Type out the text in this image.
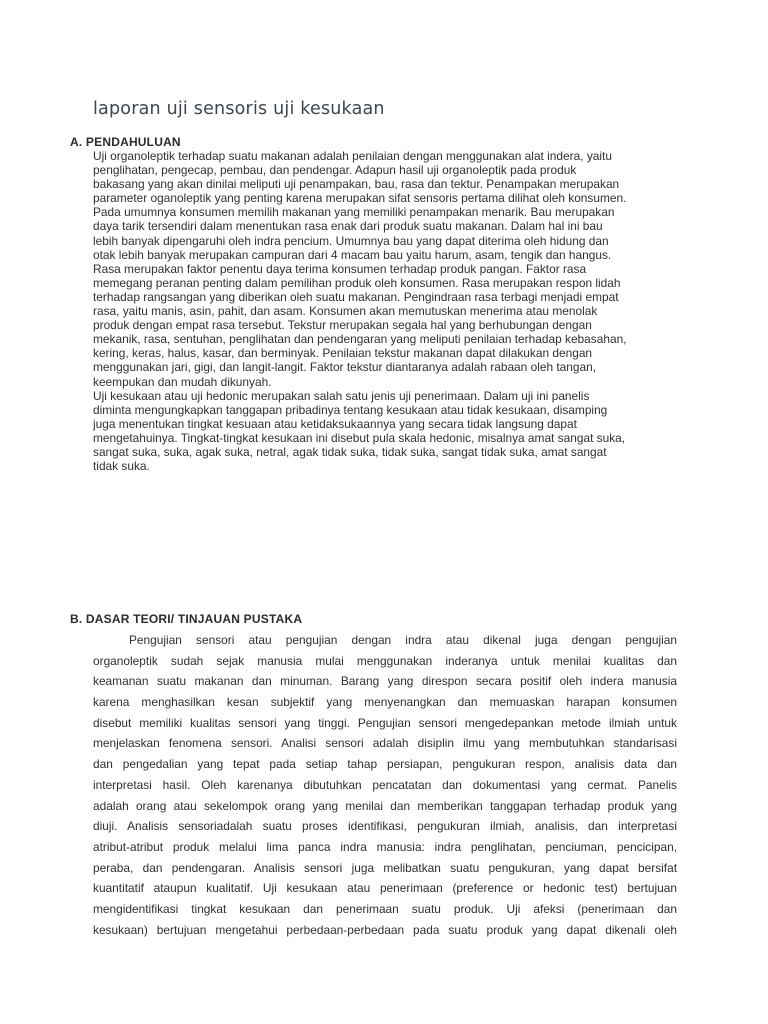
laporan uji sensoris uji kesukaan
A. PENDAHULUAN
Uji organoleptik terhadap suatu makanan adalah penilaian dengan menggunakan alat indera, yaitu
penglihatan, pengecap, pembau, dan pendengar. Adapun hasil uji organoleptik pada produk
bakasang yang akan dinilai meliputi uji penampakan, bau, rasa dan tektur. Penampakan merupakan
parameter oganoleptik yang penting karena merupakan sifat sensoris pertama dilihat oleh konsumen.
Pada umumnya konsumen memilih makanan yang memiliki penampakan menarik. Bau merupakan
daya tarik tersendiri dalam menentukan rasa enak dari produk suatu makanan. Dalam hal ini bau
lebih banyak dipengaruhi oleh indra pencium. Umumnya bau yang dapat diterima oleh hidung dan
otak lebih banyak merupakan campuran dari 4 macam bau yaitu harum, asam, tengik dan hangus.
Rasa merupakan faktor penentu daya terima konsumen terhadap produk pangan. Faktor rasa
memegang peranan penting dalam pemilihan produk oleh konsumen. Rasa merupakan respon lidah
terhadap rangsangan yang diberikan oleh suatu makanan. Pengindraan rasa terbagi menjadi empat
rasa, yaitu manis, asin, pahit, dan asam. Konsumen akan memutuskan menerima atau menolak
produk dengan empat rasa tersebut. Tekstur merupakan segala hal yang berhubungan dengan
mekanik, rasa, sentuhan, penglihatan dan pendengaran yang meliputi penilaian terhadap kebasahan,
kering, keras, halus, kasar, dan berminyak. Penilaian tekstur makanan dapat dilakukan dengan
menggunakan jari, gigi, dan langit-langit. Faktor tekstur diantaranya adalah rabaan oleh tangan,
keempukan dan mudah dikunyah.
Uji kesukaan atau uji hedonic merupakan salah satu jenis uji penerimaan. Dalam uji ini panelis
diminta mengungkapkan tanggapan pribadinya tentang kesukaan atau tidak kesukaan, disamping
juga menentukan tingkat kesuaan atau ketidaksukaannya yang secara tidak langsung dapat
mengetahuinya. Tingkat-tingkat kesukaan ini disebut pula skala hedonic, misalnya amat sangat suka,
sangat suka, suka, agak suka, netral, agak tidak suka, tidak suka, sangat tidak suka, amat sangat
tidak suka.
B. DASAR TEORI/ TINJAUAN PUSTAKA
Pengujian sensori atau pengujian dengan indra atau dikenal juga dengan pengujian
organoleptik sudah sejak manusia mulai menggunakan inderanya untuk menilai kualitas dan
keamanan suatu makanan dan minuman. Barang yang direspon secara positif oleh indera manusia
karena menghasilkan kesan subjektif yang menyenangkan dan memuaskan harapan konsumen
disebut memiliki kualitas sensori yang tinggi. Pengujian sensori mengedepankan metode ilmiah untuk
menjelaskan fenomena sensori. Analisi sensori adalah disiplin ilmu yang membutuhkan standarisasi
dan pengedalian yang tepat pada setiap tahap persiapan, pengukuran respon, analisis data dan
interpretasi hasil. Oleh karenanya dibutuhkan pencatatan dan dokumentasi yang cermat. Panelis
adalah orang atau sekelompok orang yang menilai dan memberikan tanggapan terhadap produk yang
diuji. Analisis sensoriadalah suatu proses identifikasi, pengukuran ilmiah, analisis, dan interpretasi
atribut-atribut produk melalui lima panca indra manusia: indra penglihatan, penciuman, pencicipan,
peraba, dan pendengaran. Analisis sensori juga melibatkan suatu pengukuran, yang dapat bersifat
kuantitatif ataupun kualitatif. Uji kesukaan atau penerimaan (preference or hedonic test) bertujuan
mengidentifikasi tingkat kesukaan dan penerimaan suatu produk. Uji afeksi (penerimaan dan
kesukaan) bertujuan mengetahui perbedaan-perbedaan pada suatu produk yang dapat dikenali oleh
